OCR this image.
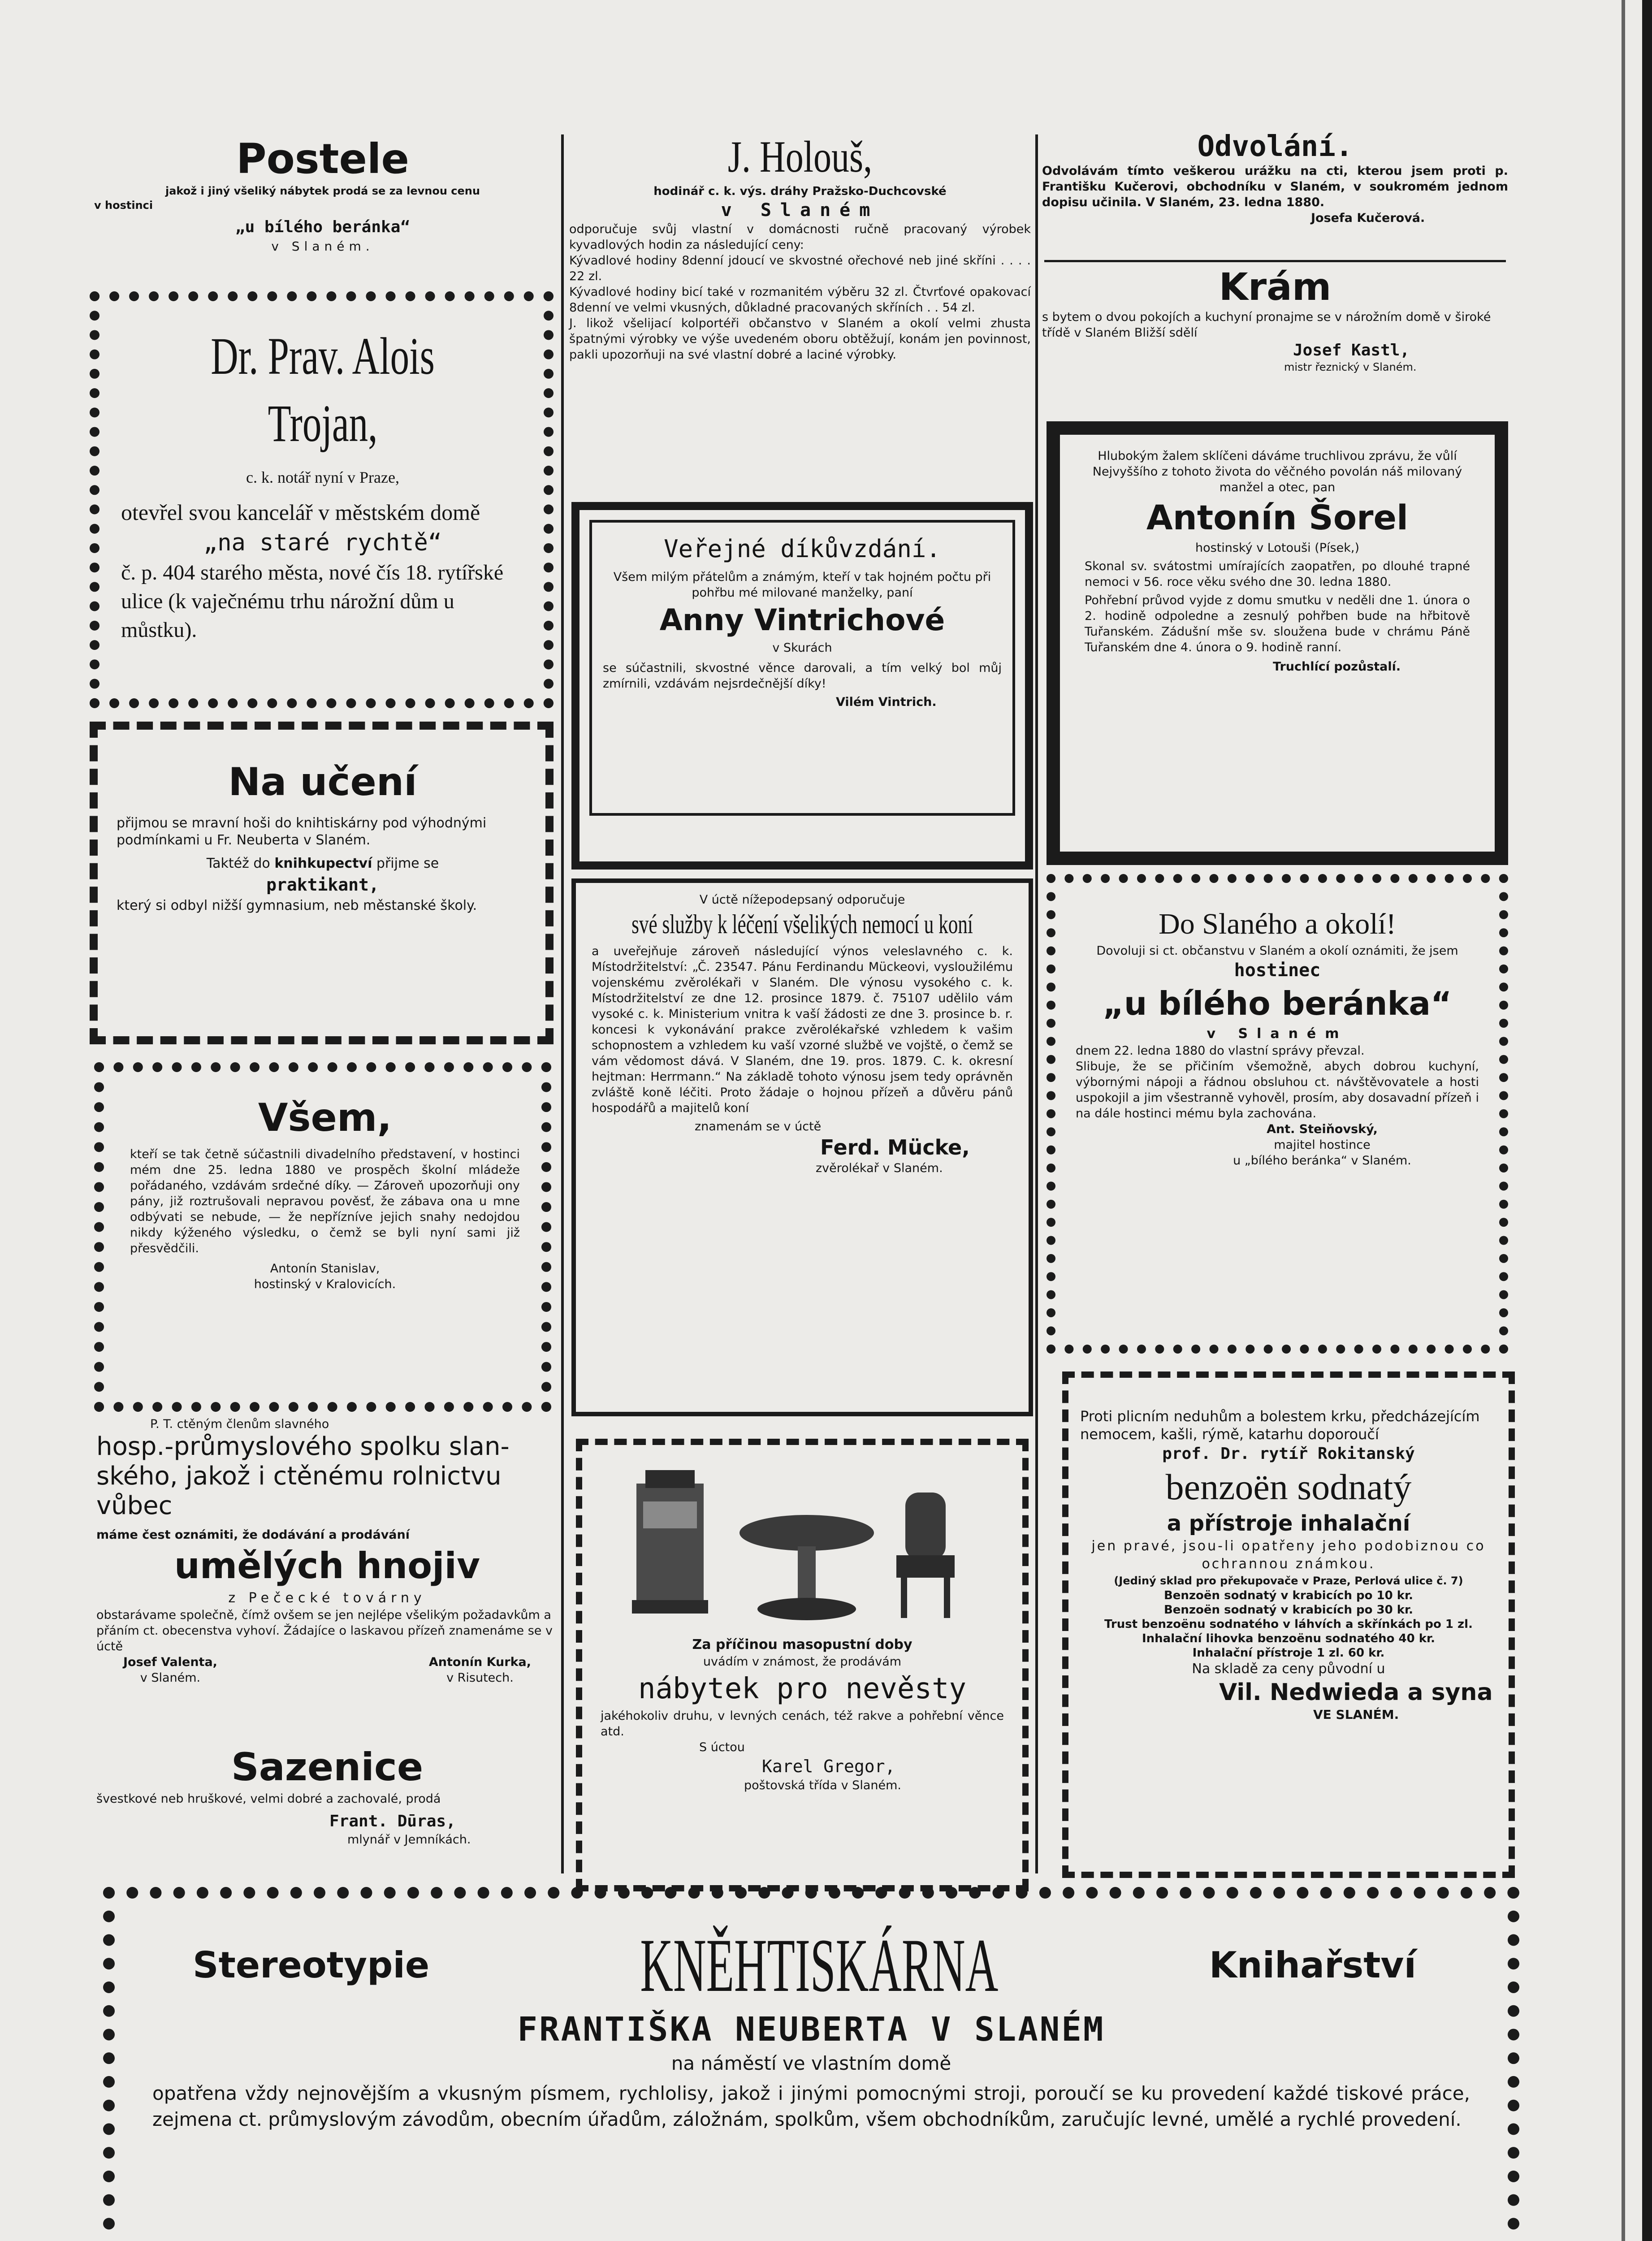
Postele
jakož i jiný všeliký nábytek prodá se za levnou cenu
v hostinci
„u bílého beránka“
v Slaném.
Dr. Prav. Alois Trojan,
c. k. notář nyní v Praze,
otevřel svou kancelář v městském domě
„na staré rychtě“
č. p. 404 starého města, nové čís 18. rytířské ulice (k vaječnému trhu nárožní dům u můstku).
Na učení
přijmou se mravní hoši do knihtiskárny pod výhodnými podmínkami u Fr. Neuberta v Slaném.
Taktéž do knihkupectví přijme se
praktikant,
který si odbyl nižší gymnasium, neb městanské školy.
Všem,
kteří se tak četně súčastnili divadelního představení, v hostinci mém dne 25. ledna 1880 ve prospěch školní mládeže pořádaného, vzdávám srdečné díky. — Zároveň upozorňuji ony pány, již roztrušovali nepravou pověsť, že zábava ona u mne odbývati se nebude, — že nepřízníve jejich snahy nedojdou nikdy kýženého výsledku, o čemž se byli nyní sami již přesvědčili.
Antonín Stanislav,
hostinský v Kralovicích.
P. T. ctěným členům slavného
hosp.-průmyslového spolku slanského, jakož i ctěnému rolnictvu vůbec
máme čest oznámiti, že dodávání a prodávání
umělých hnojiv
z Pečecké továrny
obstarávame společně, čímž ovšem se jen nejlépe všelikým požadavkům a přáním ct. obecenstva vyhoví. Žádajíce o laskavou přízeň znamenáme se v úctě
Josef Valenta,
v Slaném.
Antonín Kurka,
v Risutech.
Sazenice
švestkové neb hruškové, velmi dobré a zachovalé, prodá
Frant. Dūras,
mlynář v Jemníkách.
J. Holouš,
hodinář c. k. výs. dráhy Pražsko-Duchcovské
v Slaném
odporučuje svůj vlastní v domácnosti ručně pracovaný výrobek kyvadlových hodin za následující ceny:
Kývadlové hodiny 8denní jdoucí ve skvostné ořechové neb jiné skříni . . . . 22 zl.
Kývadlové hodiny bicí také v rozmanitém výběru 32 zl. Čtvrťové opakovací 8denní ve velmi vkusných, důkladné pracovaných skříních . . 54 zl.
J. likož všelijací kolportéři občanstvo v Slaném a okolí velmi zhusta špatnými výrobky ve výše uvedeném oboru obtěžují, konám jen povinnost, pakli upozorňuji na své vlastní dobré a laciné výrobky.
Veřejné díkůvzdání.
Všem milým přátelům a známým, kteří v tak hojném počtu při pohřbu mé milované manželky, paní
Anny Vintrichové
v Skurách
se súčastnili, skvostné věnce darovali, a tím velký bol můj zmírnili, vzdávám nejsrdečnější díky!
Vilém Vintrich.
V úctě nížepodepsaný odporučuje
své služby k léčení všelikých nemocí u koní
a uveřejňuje zároveň následující výnos veleslavného c. k. Místodržitelství: „Č. 23547. Pánu Ferdinandu Mückeovi, vysloužilému vojenskému zvěrolékaři v Slaném. Dle výnosu vysokého c. k. Místodržitelství ze dne 12. prosince 1879. č. 75107 udělilo vám vysoké c. k. Ministerium vnitra k vaší žádosti ze dne 3. prosince b. r. koncesi k vykonávání prakce zvěrolékařské vzhledem k vašim schopnostem a vzhledem ku vaší vzorné službě ve vojště, o čemž se vám vědomost dává. V Slaném, dne 19. pros. 1879. C. k. okresní hejtman: Herrmann.“ Na základě tohoto výnosu jsem tedy oprávněn zvláště koně léčiti. Proto žádaje o hojnou přízeň a důvěru pánů hospodářů a majitelů koní
znamenám se v úctě
Ferd. Mücke,
zvěrolékař v Slaném.
Za příčinou masopustní doby
uvádím v známost, že prodávám
nábytek pro nevěsty
jakéhokoliv druhu, v levných cenách, též rakve a pohřební věnce atd.
S úctou
Karel Gregor,
poštovská třída v Slaném.
Odvolání.
Odvolávám tímto veškerou urážku na cti, kterou jsem proti p. Františku Kučerovi, obchodníku v Slaném, v soukromém jednom dopisu učinila. V Slaném, 23. ledna 1880.
Josefa Kučerová.
Krám
s bytem o dvou pokojích a kuchyní pronajme se v nárožním domě v široké třídě v Slaném Bližší sdělí
Josef Kastl,
mistr řeznický v Slaném.
Hlubokým žalem sklíčeni dáváme truchlivou zprávu, že vůlí Nejvyššího z tohoto života do věčného povolán náš milovaný manžel a otec, pan
Antonín Šorel
hostinský v Lotouši (Písek,)
Skonal sv. svátostmi umírajících zaopatřen, po dlouhé trapné nemoci v 56. roce věku svého dne 30. ledna 1880.
Pohřební průvod vyjde z domu smutku v neděli dne 1. února o 2. hodině odpoledne a zesnulý pohřben bude na hřbitově Tuřanském. Zádušní mše sv. sloužena bude v chrámu Páně Tuřanském dne 4. února o 9. hodině ranní.
Truchlící pozůstalí.
Do Slaného a okolí!
Dovoluji si ct. občanstvu v Slaném a okolí oznámiti, že jsem
hostinec
„u bílého beránka“
v Slaném
dnem 22. ledna 1880 do vlastní správy převzal.
Slibuje, že se přičiním všemožně, abych dobrou kuchyní, výbornými nápoji a řádnou obsluhou ct. návštěvovatele a hosti uspokojil a jim všestranně vyhověl, prosím, aby dosavadní přízeň i na dále hostinci mému byla zachována.
Ant. Steiňovský,
majitel hostince
u „bílého beránka“ v Slaném.
Proti plicním neduhům a bolestem krku, předcházejícím nemocem, kašli, rýmě, katarhu doporoučí
prof. Dr. rytíř Rokitanský
benzoën sodnatý
a přístroje inhalační
jen pravé, jsou-li opatřeny jeho podobiznou co ochrannou známkou.
(Jediný sklad pro překupovače v Praze, Perlová ulice č. 7)
Benzoën sodnatý v krabicích po 10 kr.
Benzoën sodnatý v krabicích po 30 kr.
Trust benzoënu sodnatého v láhvích a skřínkách po 1 zl.
Inhalační lihovka benzoënu sodnatého 40 kr.
Inhalační přístroje 1 zl. 60 kr.
Na skladě za ceny původní u
Vil. Nedwieda a syna
VE SLANÉM.
Stereotypie	KNĚHTISKÁRNA	Knihařství
FRANTIŠKA NEUBERTA V SLANÉM
na náměstí ve vlastním domě
opatřena vždy nejnovějším a vkusným písmem, rychlolisy, jakož i jinými pomocnými stroji, poroučí se ku provedení každé tiskové práce, zejmena ct. průmyslovým závodům, obecním úřadům, záložnám, spolkům, všem obchodníkům, zaručujíc levné, umělé a rychlé provedení.
